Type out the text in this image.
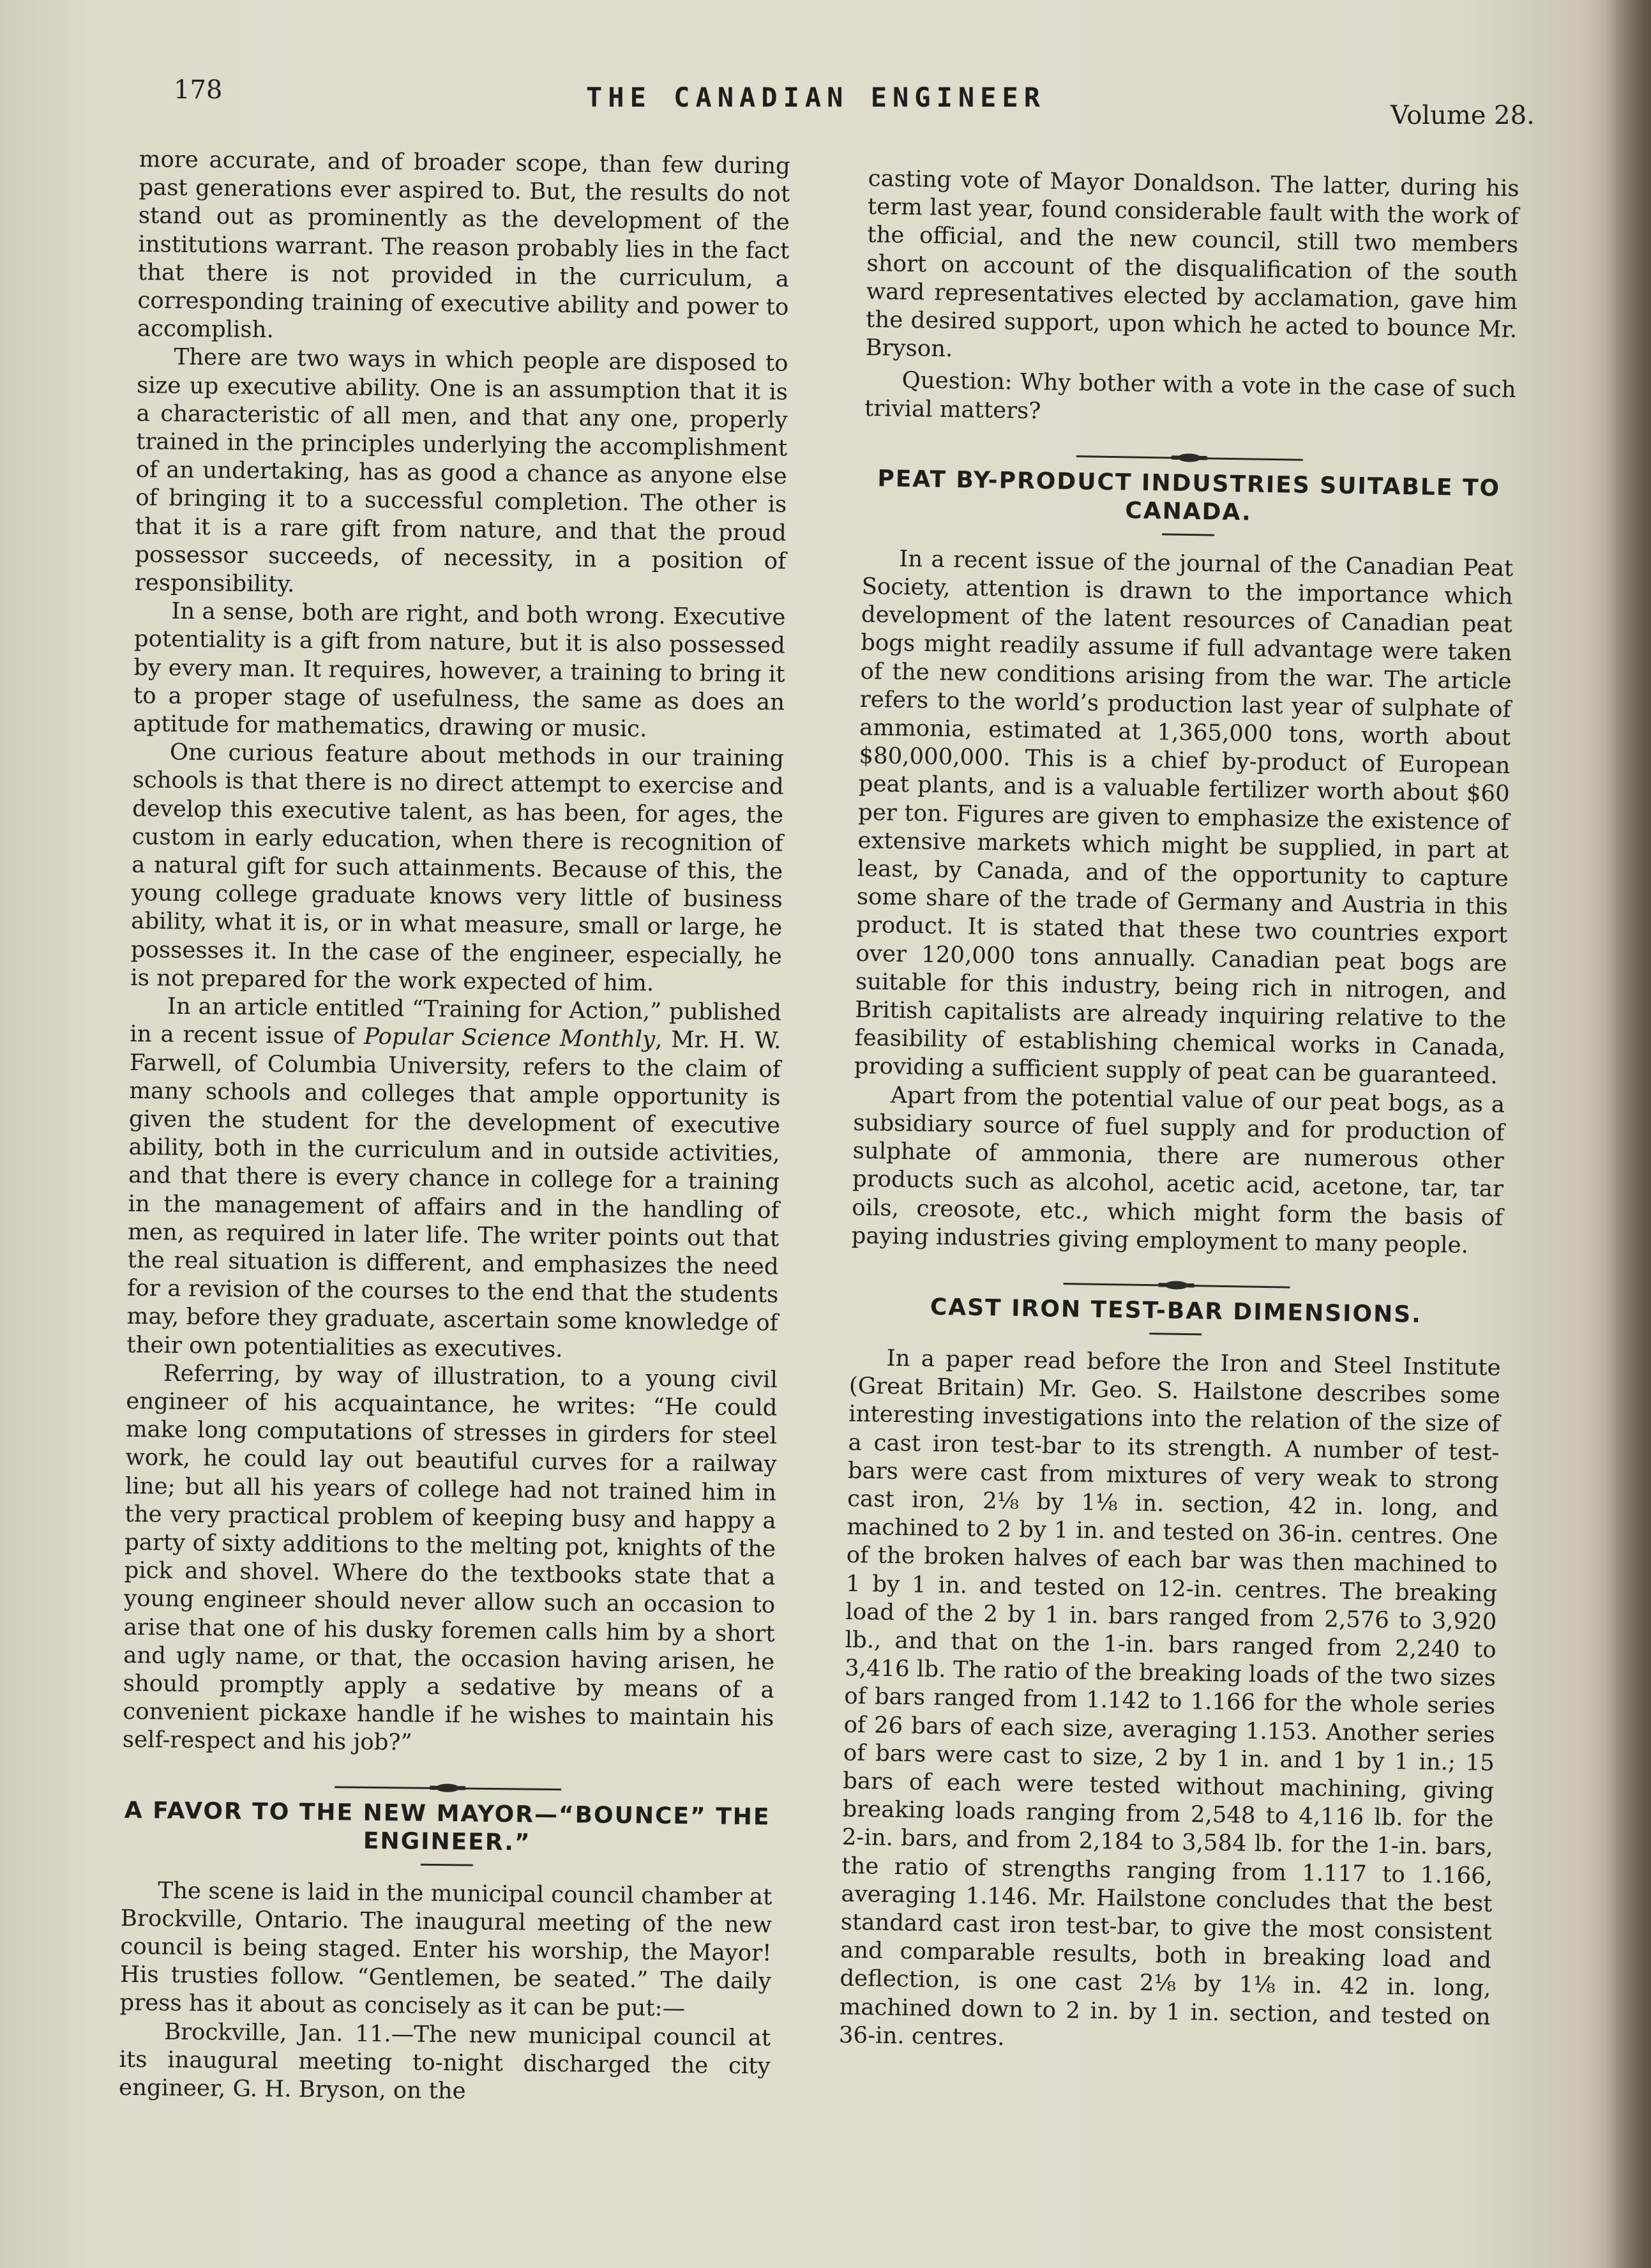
178	THE CANADIAN ENGINEER
Volume 28.

more accurate, and of broader scope, than few during past generations ever aspired to. But, the results do not stand out as prominently as the development of the institutions warrant. The reason probably lies in the fact that there is not provided in the curriculum, a corresponding training of executive ability and power to accomplish.

There are two ways in which people are disposed to size up executive ability. One is an assumption that it is a characteristic of all men, and that any one, properly trained in the principles underlying the accomplishment of an undertaking, has as good a chance as anyone else of bringing it to a successful completion. The other is that it is a rare gift from nature, and that the proud possessor succeeds, of necessity, in a position of responsibility.

In a sense, both are right, and both wrong. Executive potentiality is a gift from nature, but it is also possessed by every man. It requires, however, a training to bring it to a proper stage of usefulness, the same as does an aptitude for mathematics, drawing or music.

One curious feature about methods in our training schools is that there is no direct attempt to exercise and develop this executive talent, as has been, for ages, the custom in early education, when there is recognition of a natural gift for such attainments. Because of this, the young college graduate knows very little of business ability, what it is, or in what measure, small or large, he possesses it. In the case of the engineer, especially, he is not prepared for the work expected of him.

In an article entitled “Training for Action,” published in a recent issue of Popular Science Monthly, Mr. H. W. Farwell, of Columbia University, refers to the claim of many schools and colleges that ample opportunity is given the student for the development of executive ability, both in the curriculum and in outside activities, and that there is every chance in college for a training in the management of affairs and in the handling of men, as required in later life. The writer points out that the real situation is different, and emphasizes the need for a revision of the courses to the end that the students may, before they graduate, ascertain some knowledge of their own potentialities as executives.

Referring, by way of illustration, to a young civil engineer of his acquaintance, he writes: “He could make long computations of stresses in girders for steel work, he could lay out beautiful curves for a railway line; but all his years of college had not trained him in the very practical problem of keeping busy and happy a party of sixty additions to the melting pot, knights of the pick and shovel. Where do the textbooks state that a young engineer should never allow such an occasion to arise that one of his dusky foremen calls him by a short and ugly name, or that, the occasion having arisen, he should promptly apply a sedative by means of a convenient pickaxe handle if he wishes to maintain his self-respect and his job?”

A FAVOR TO THE NEW MAYOR—“BOUNCE” THE ENGINEER.”

The scene is laid in the municipal council chamber at Brockville, Ontario. The inaugural meeting of the new council is being staged. Enter his worship, the Mayor! His trusties follow. “Gentlemen, be seated.” The daily press has it about as concisely as it can be put:—

Brockville, Jan. 11.—The new municipal council at its inaugural meeting to-night discharged the city engineer, G. H. Bryson, on the

casting vote of Mayor Donaldson. The latter, during his term last year, found considerable fault with the work of the official, and the new council, still two members short on account of the disqualification of the south ward representatives elected by acclamation, gave him the desired support, upon which he acted to bounce Mr. Bryson.

Question: Why bother with a vote in the case of such trivial matters?

PEAT BY-PRODUCT INDUSTRIES SUITABLE TO CANADA.

In a recent issue of the journal of the Canadian Peat Society, attention is drawn to the importance which development of the latent resources of Canadian peat bogs might readily assume if full advantage were taken of the new conditions arising from the war. The article refers to the world’s production last year of sulphate of ammonia, estimated at 1,365,000 tons, worth about $80,000,000. This is a chief by-product of European peat plants, and is a valuable fertilizer worth about $60 per ton. Figures are given to emphasize the existence of extensive markets which might be supplied, in part at least, by Canada, and of the opportunity to capture some share of the trade of Germany and Austria in this product. It is stated that these two countries export over 120,000 tons annually. Canadian peat bogs are suitable for this industry, being rich in nitrogen, and British capitalists are already inquiring relative to the feasibility of establishing chemical works in Canada, providing a sufficient supply of peat can be guaranteed.

Apart from the potential value of our peat bogs, as a subsidiary source of fuel supply and for production of sulphate of ammonia, there are numerous other products such as alcohol, acetic acid, acetone, tar, tar oils, creosote, etc., which might form the basis of paying industries giving employment to many people.

CAST IRON TEST-BAR DIMENSIONS.

In a paper read before the Iron and Steel Institute (Great Britain) Mr. Geo. S. Hailstone describes some interesting investigations into the relation of the size of a cast iron test-bar to its strength. A number of test-bars were cast from mixtures of very weak to strong cast iron, 2⅛ by 1⅛ in. section, 42 in. long, and machined to 2 by 1 in. and tested on 36-in. centres. One of the broken halves of each bar was then machined to 1 by 1 in. and tested on 12-in. centres. The breaking load of the 2 by 1 in. bars ranged from 2,576 to 3,920 lb., and that on the 1-in. bars ranged from 2,240 to 3,416 lb. The ratio of the breaking loads of the two sizes of bars ranged from 1.142 to 1.166 for the whole series of 26 bars of each size, averaging 1.153. Another series of bars were cast to size, 2 by 1 in. and 1 by 1 in.; 15 bars of each were tested without machining, giving breaking loads ranging from 2,548 to 4,116 lb. for the 2-in. bars, and from 2,184 to 3,584 lb. for the 1-in. bars, the ratio of strengths ranging from 1.117 to 1.166, averaging 1.146. Mr. Hailstone concludes that the best standard cast iron test-bar, to give the most consistent and comparable results, both in breaking load and deflection, is one cast 2⅛ by 1⅛ in. 42 in. long, machined down to 2 in. by 1 in. section, and tested on 36-in. centres.
